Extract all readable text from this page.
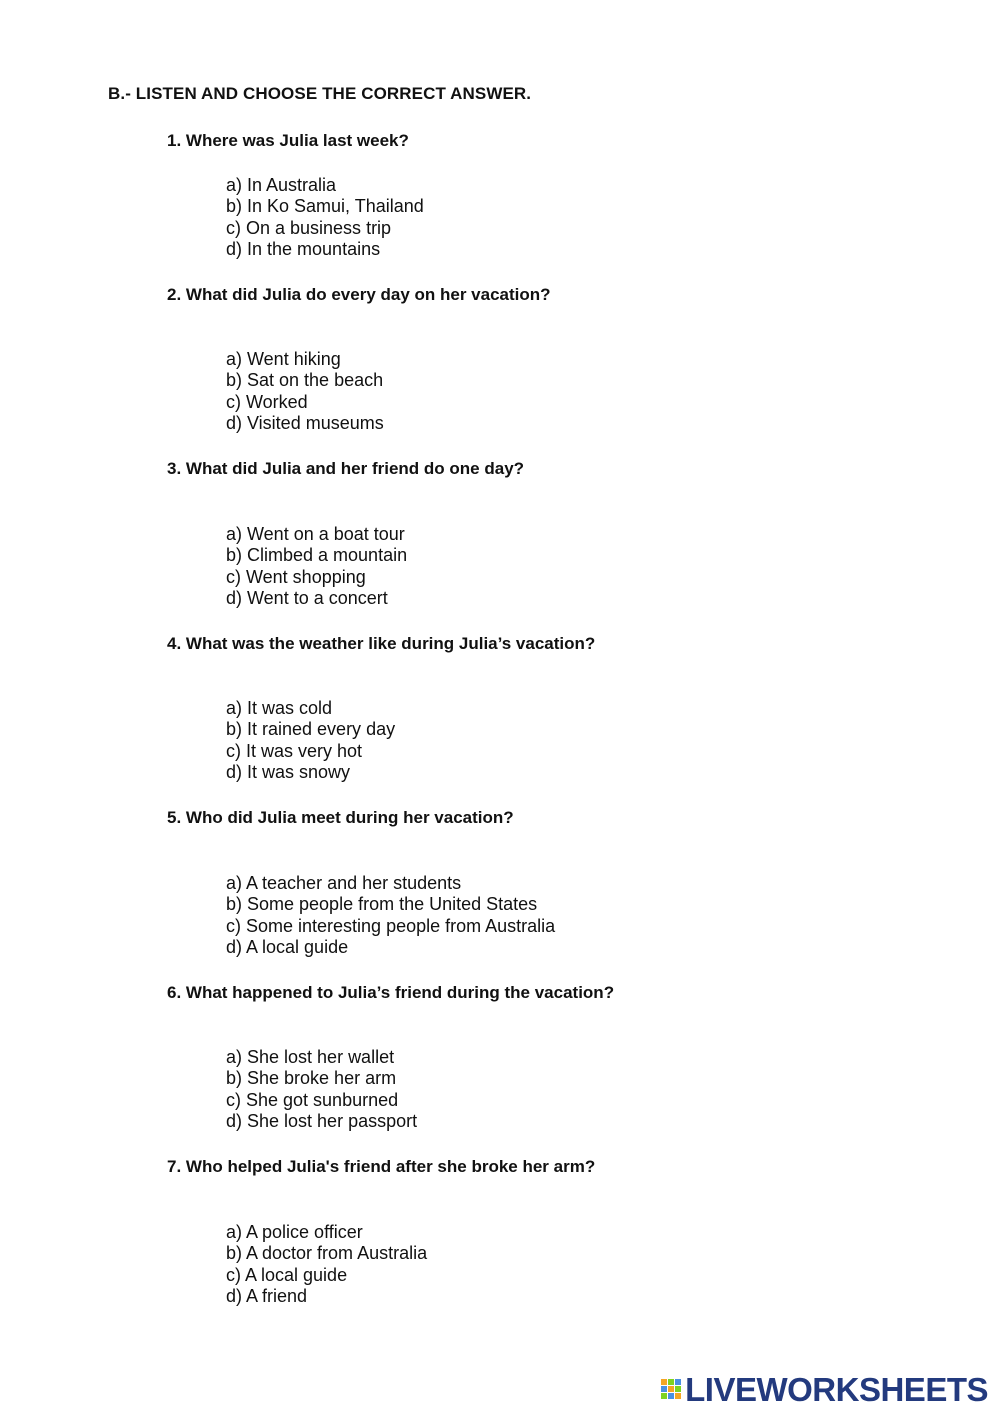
B.- LISTEN AND CHOOSE THE CORRECT ANSWER.
1. Where was Julia last week?
a) In Australia
b) In Ko Samui, Thailand
c) On a business trip
d) In the mountains
2. What did Julia do every day on her vacation?
a) Went hiking
b) Sat on the beach
c) Worked
d) Visited museums
3. What did Julia and her friend do one day?
a) Went on a boat tour
b) Climbed a mountain
c) Went shopping
d) Went to a concert
4. What was the weather like during Julia’s vacation?
a) It was cold
b) It rained every day
c) It was very hot
d) It was snowy
5. Who did Julia meet during her vacation?
a) A teacher and her students
b) Some people from the United States
c) Some interesting people from Australia
d) A local guide
6. What happened to Julia’s friend during the vacation?
a) She lost her wallet
b) She broke her arm
c) She got sunburned
d) She lost her passport
7. Who helped Julia's friend after she broke her arm?
a) A police officer
b) A doctor from Australia
c) A local guide
d) A friend
LIVEWORKSHEETS
